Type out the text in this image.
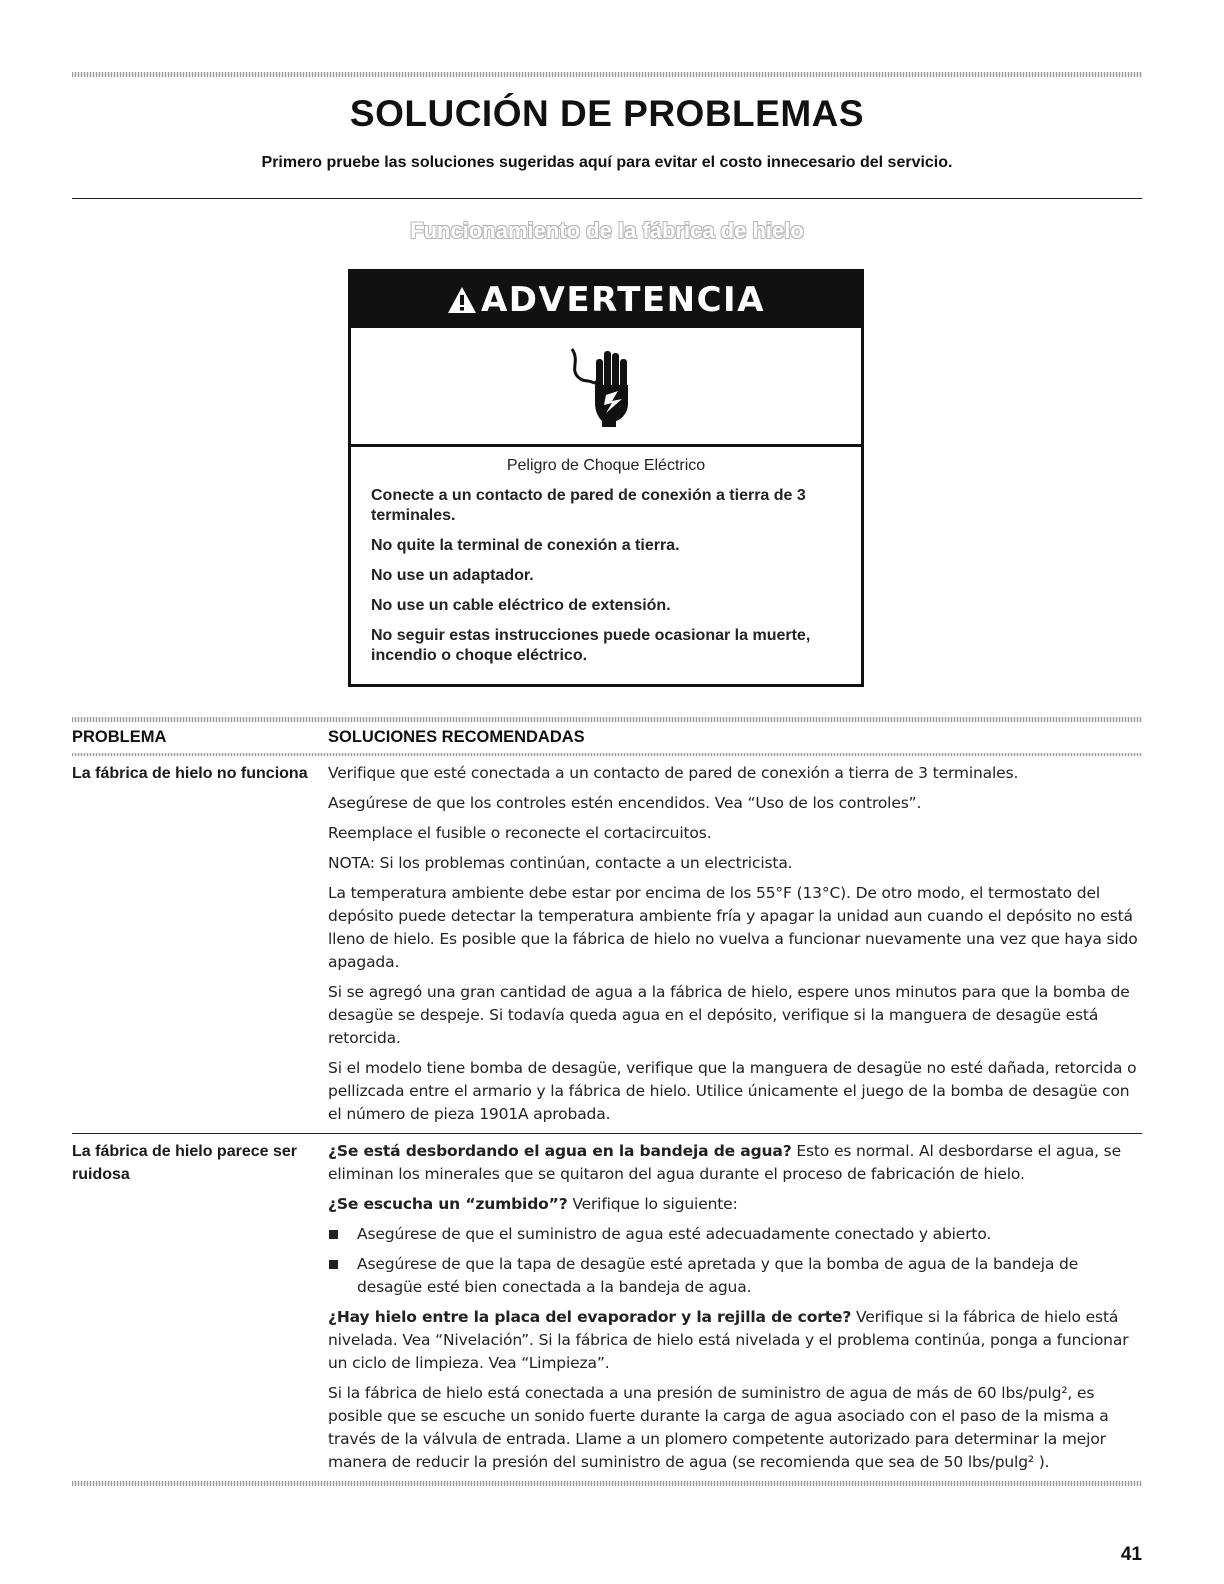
SOLUCIÓN DE PROBLEMAS

Primero pruebe las soluciones sugeridas aquí para evitar el costo innecesario del servicio.

Funcionamiento de la fábrica de hielo
ADVERTENCIA

Peligro de Choque Eléctrico

Conecte a un contacto de pared de conexión a tierra de 3 terminales.

No quite la terminal de conexión a tierra.

No use un adaptador.

No use un cable eléctrico de extensión.

No seguir estas instrucciones puede ocasionar la muerte, incendio o choque eléctrico.

PROBLEMA	SOLUCIONES RECOMENDADAS
La fábrica de hielo no funciona	Verifique que esté conectada a un contacto de pared de conexión a tierra de 3 terminales.

Asegúrese de que los controles estén encendidos. Vea “Uso de los controles”.

Reemplace el fusible o reconecte el cortacircuitos.

NOTA: Si los problemas continúan, contacte a un electricista.

La temperatura ambiente debe estar por encima de los 55°F (13°C). De otro modo, el termostato del depósito puede detectar la temperatura ambiente fría y apagar la unidad aun cuando el depósito no está lleno de hielo. Es posible que la fábrica de hielo no vuelva a funcionar nuevamente una vez que haya sido apagada.

Si se agregó una gran cantidad de agua a la fábrica de hielo, espere unos minutos para que la bomba de desagüe se despeje. Si todavía queda agua en el depósito, verifique si la manguera de desagüe está retorcida.

Si el modelo tiene bomba de desagüe, verifique que la manguera de desagüe no esté dañada, retorcida o pellizcada entre el armario y la fábrica de hielo. Utilice únicamente el juego de la bomba de desagüe con el número de pieza 1901A aprobada.

La fábrica de hielo parece ser ruidosa

¿Se está desbordando el agua en la bandeja de agua? Esto es normal. Al desbordarse el agua, se eliminan los minerales que se quitaron del agua durante el proceso de fabricación de hielo.

¿Se escucha un “zumbido”? Verifique lo siguiente:

Asegúrese de que el suministro de agua esté adecuadamente conectado y abierto.
Asegúrese de que la tapa de desagüe esté apretada y que la bomba de agua de la bandeja de desagüe esté bien conectada a la bandeja de agua.

¿Hay hielo entre la placa del evaporador y la rejilla de corte? Verifique si la fábrica de hielo está nivelada. Vea “Nivelación”. Si la fábrica de hielo está nivelada y el problema continúa, ponga a funcionar un ciclo de limpieza. Vea “Limpieza”.

Si la fábrica de hielo está conectada a una presión de suministro de agua de más de 60 lbs/pulg², es posible que se escuche un sonido fuerte durante la carga de agua asociado con el paso de la misma a través de la válvula de entrada. Llame a un plomero competente autorizado para determinar la mejor manera de reducir la presión del suministro de agua (se recomienda que sea de 50 lbs/pulg² ).

41
